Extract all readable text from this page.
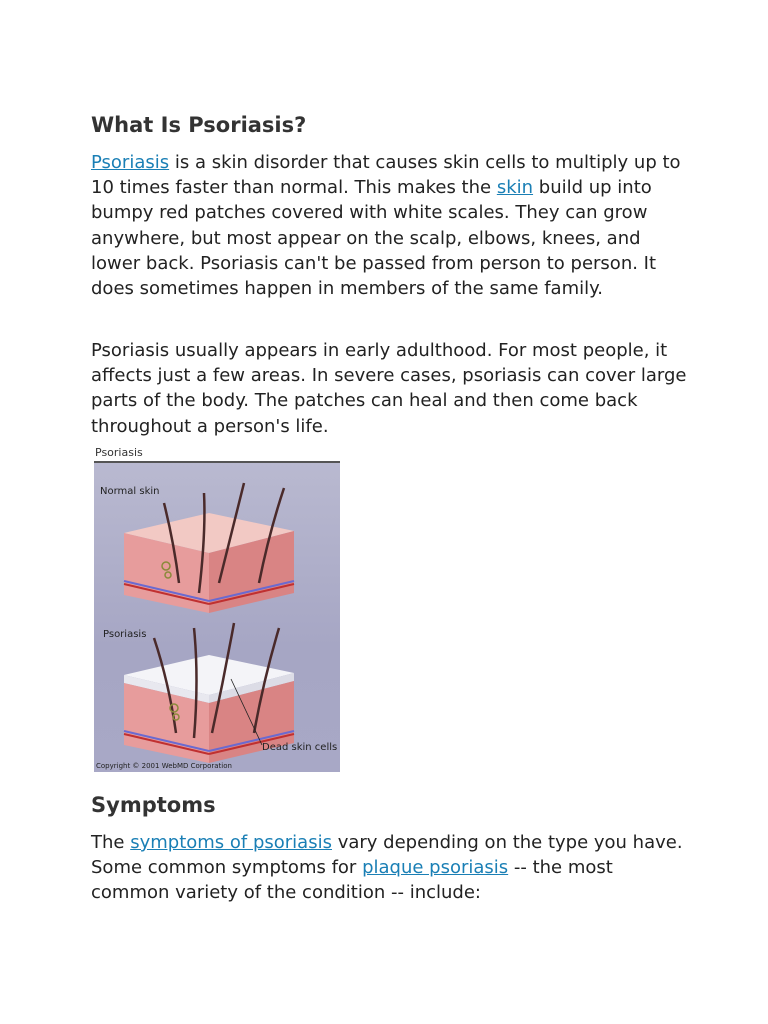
What Is Psoriasis?

Psoriasis is a skin disorder that causes skin cells to multiply up to 10 times faster than normal. This makes the skin build up into bumpy red patches covered with white scales. They can grow anywhere, but most appear on the scalp, elbows, knees, and lower back. Psoriasis can't be passed from person to person. It does sometimes happen in members of the same family.

Psoriasis usually appears in early adulthood. For most people, it affects just a few areas. In severe cases, psoriasis can cover large parts of the body. The patches can heal and then come back throughout a person's life.

Psoriasis
Normal skin
Psoriasis
Dead skin cells
Copyright © 2001 WebMD Corporation
Symptoms

The symptoms of psoriasis vary depending on the type you have. Some common symptoms for plaque psoriasis -- the most common variety of the condition -- include:
